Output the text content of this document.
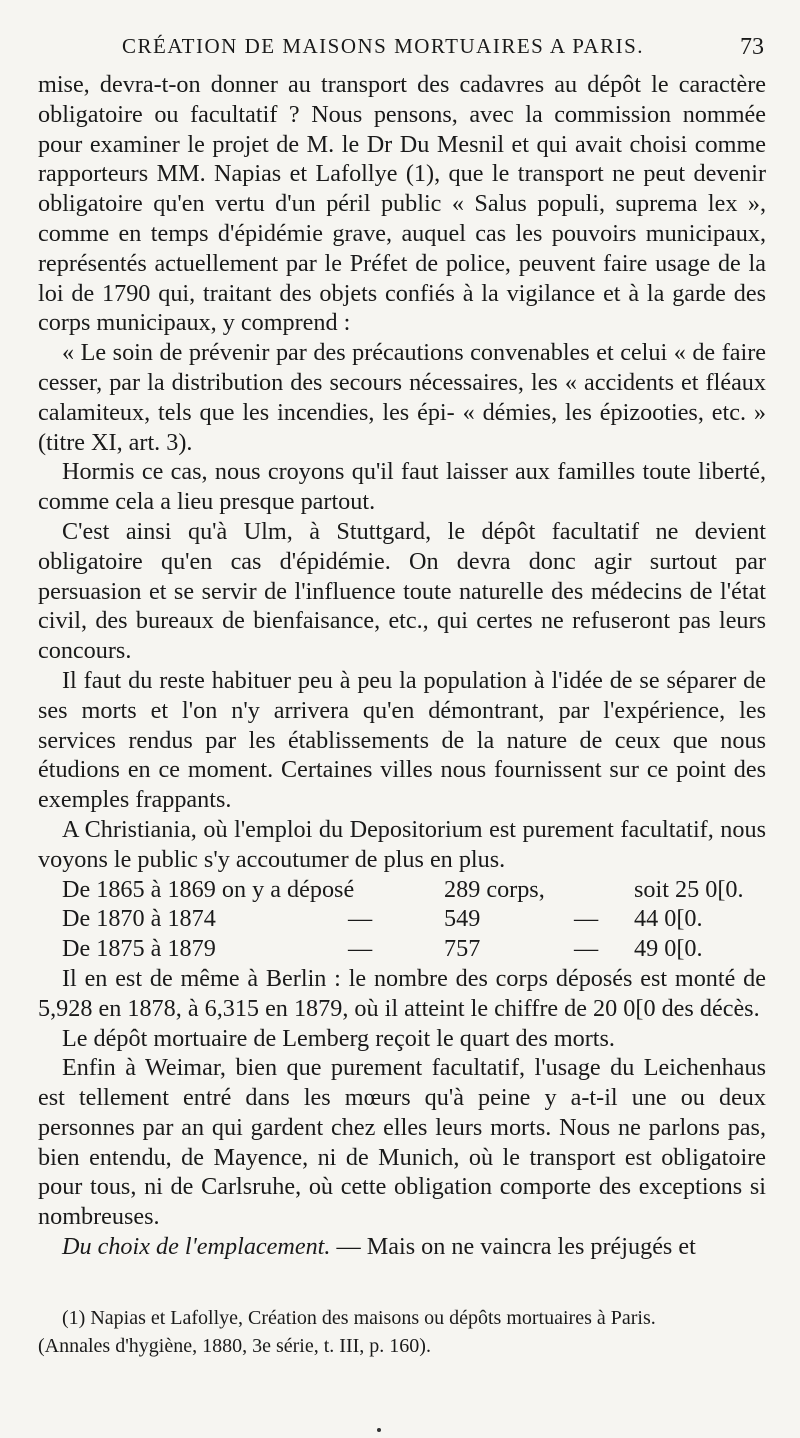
CRÉATION DE MAISONS MORTUAIRES A PARIS.	73

mise, devra-t-on donner au transport des cadavres au dépôt le caractère obligatoire ou facultatif ? Nous pensons, avec la commission nommée pour examiner le projet de M. le Dr Du Mesnil et qui avait choisi comme rapporteurs MM. Napias et Lafollye (1), que le transport ne peut devenir obligatoire qu'en vertu d'un péril public « Salus populi, suprema lex », comme en temps d'épidémie grave, auquel cas les pouvoirs municipaux, représentés actuellement par le Préfet de police, peuvent faire usage de la loi de 1790 qui, traitant des objets confiés à la vigilance et à la garde des corps municipaux, y comprend :

« Le soin de prévenir par des précautions convenables et celui « de faire cesser, par la distribution des secours nécessaires, les « accidents et fléaux calamiteux, tels que les incendies, les épi- « démies, les épizooties, etc. » (titre XI, art. 3).

Hormis ce cas, nous croyons qu'il faut laisser aux familles toute liberté, comme cela a lieu presque partout.

C'est ainsi qu'à Ulm, à Stuttgard, le dépôt facultatif ne devient obligatoire qu'en cas d'épidémie. On devra donc agir surtout par persuasion et se servir de l'influence toute naturelle des médecins de l'état civil, des bureaux de bienfaisance, etc., qui certes ne refuseront pas leurs concours.

Il faut du reste habituer peu à peu la population à l'idée de se séparer de ses morts et l'on n'y arrivera qu'en démontrant, par l'expérience, les services rendus par les établissements de la nature de ceux que nous étudions en ce moment. Certaines villes nous fournissent sur ce point des exemples frappants.

A Christiania, où l'emploi du Depositorium est purement facultatif, nous voyons le public s'y accoutumer de plus en plus.

De 1865 à 1869 on y a déposé	289 corps,	soit 25 0[0.
De 1870 à 1874	—	549	—	44 0[0.
De 1875 à 1879	—	757	—	49 0[0.

Il en est de même à Berlin : le nombre des corps déposés est monté de 5,928 en 1878, à 6,315 en 1879, où il atteint le chiffre de 20 0[0 des décès.

Le dépôt mortuaire de Lemberg reçoit le quart des morts.

Enfin à Weimar, bien que purement facultatif, l'usage du Leichenhaus est tellement entré dans les mœurs qu'à peine y a-t-il une ou deux personnes par an qui gardent chez elles leurs morts. Nous ne parlons pas, bien entendu, de Mayence, ni de Munich, où le transport est obligatoire pour tous, ni de Carlsruhe, où cette obligation comporte des exceptions si nombreuses.

Du choix de l'emplacement. — Mais on ne vaincra les préjugés et

(1) Napias et Lafollye, Création des maisons ou dépôts mortuaires à Paris.

(Annales d'hygiène, 1880, 3e série, t. III, p. 160).
